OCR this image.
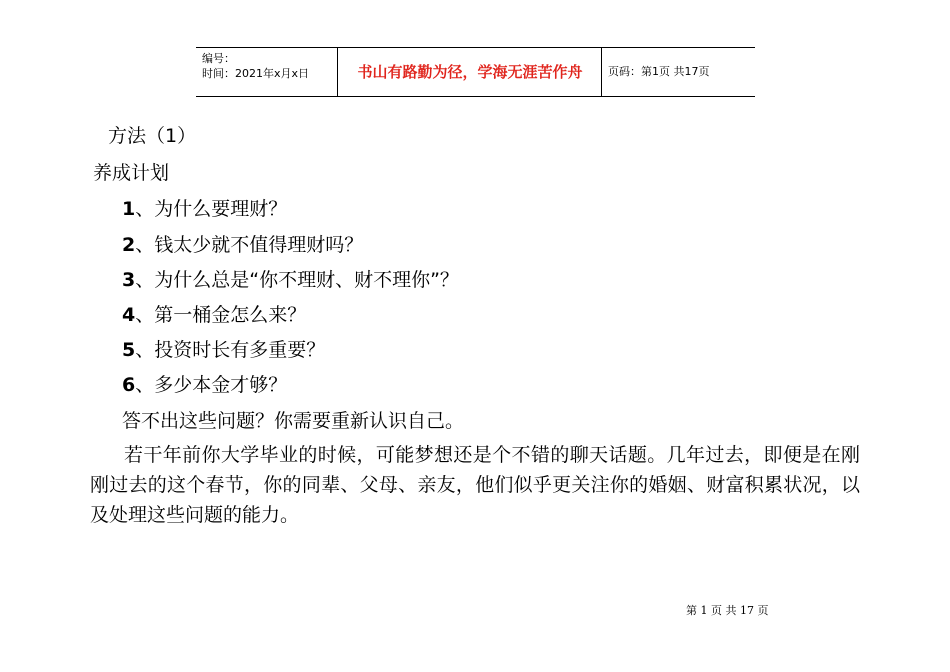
编号：
时间：2021年x月x日	书山有路勤为径，学海无涯苦作舟	页码：第1页 共17页
方法（1）
养成计划
1、为什么要理财？
2、钱太少就不值得理财吗？
3、为什么总是“你不理财、财不理你”？
4、第一桶金怎么来？
5、投资时长有多重要？
6、多少本金才够？
答不出这些问题？你需要重新认识自己。
若干年前你大学毕业的时候，可能梦想还是个不错的聊天话题。几年过去，即便是在刚刚过去的这个春节，你的同辈、父母、亲友，他们似乎更关注你的婚姻、财富积累状况，以及处理这些问题的能力。
第 1 页 共 17 页
